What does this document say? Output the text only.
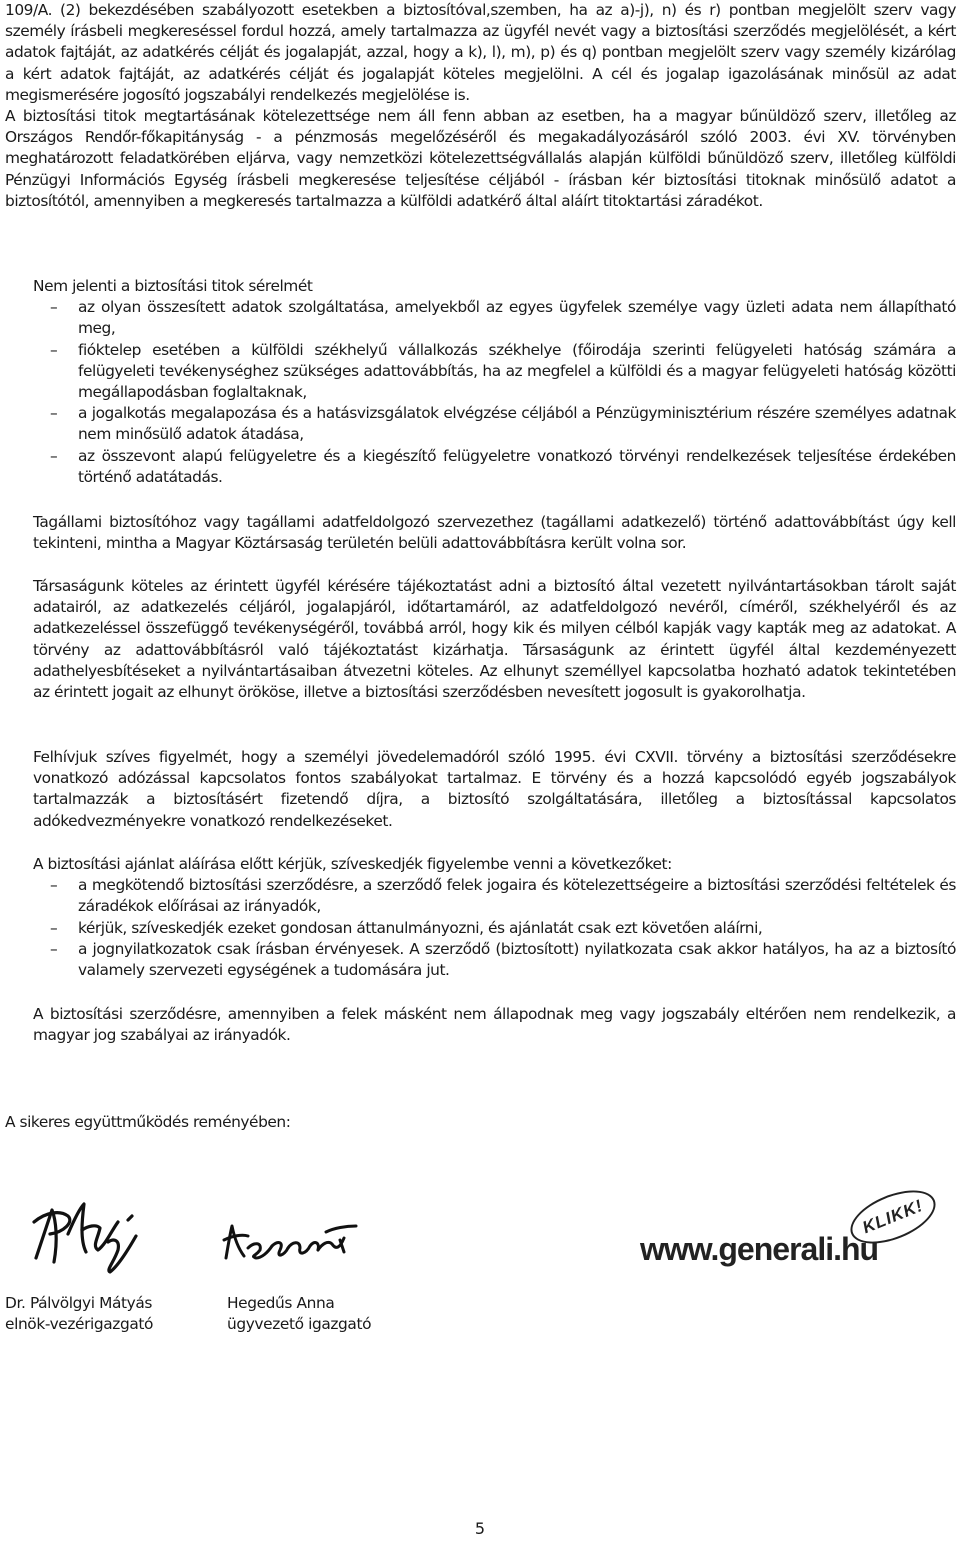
109/A. (2) bekezdésében szabályozott esetekben a biztosítóval,szemben, ha az a)-j), n) és r) pontban megjelölt szerv vagy személy írásbeli megkereséssel fordul hozzá, amely tartalmazza az ügyfél nevét vagy a biztosítási szerződés megjelölését, a kért adatok fajtáját, az adatkérés célját és jogalapját, azzal, hogy a k), l), m), p) és q) pontban megjelölt szerv vagy személy kizárólag a kért adatok fajtáját, az adatkérés célját és jogalapját köteles megjelölni. A cél és jogalap igazolásának minősül az adat megismerésére jogosító jogszabályi rendelkezés megjelölése is.

A biztosítási titok megtartásának kötelezettsége nem áll fenn abban az esetben, ha a magyar bűnüldöző szerv, illetőleg az Országos Rendőr-főkapitányság - a pénzmosás megelőzéséről és megakadályozásáról szóló 2003. évi XV. törvényben meghatározott feladatkörében eljárva, vagy nemzetközi kötelezettségvállalás alapján külföldi bűnüldöző szerv, illetőleg külföldi Pénzügyi Információs Egység írásbeli megkeresése teljesítése céljából - írásban kér biztosítási titoknak minősülő adatot a biztosítótól, amennyiben a megkeresés tartalmazza a külföldi adatkérő által aláírt titoktartási záradékot.

Nem jelenti a biztosítási titok sérelmét

– az olyan összesített adatok szolgáltatása, amelyekből az egyes ügyfelek személye vagy üzleti adata nem állapítható meg,

– fióktelep esetében a külföldi székhelyű vállalkozás székhelye (főirodája szerinti felügyeleti hatóság számára a felügyeleti tevékenységhez szükséges adattovábbítás, ha az megfelel a külföldi és a magyar felügyeleti hatóság közötti megállapodásban foglaltaknak,

– a jogalkotás megalapozása és a hatásvizsgálatok elvégzése céljából a Pénzügyminisztérium részére személyes adatnak nem minősülő adatok átadása,

– az összevont alapú felügyeletre és a kiegészítő felügyeletre vonatkozó törvényi rendelkezések teljesítése érdekében történő adatátadás.

Tagállami biztosítóhoz vagy tagállami adatfeldolgozó szervezethez (tagállami adatkezelő) történő adattovábbítást úgy kell tekinteni, mintha a Magyar Köztársaság területén belüli adattovábbításra került volna sor.

Társaságunk köteles az érintett ügyfél kérésére tájékoztatást adni a biztosító által vezetett nyilvántartásokban tárolt saját adatairól, az adatkezelés céljáról, jogalapjáról, időtartamáról, az adatfeldolgozó nevéről, címéről, székhelyéről és az adatkezeléssel összefüggő tevékenységéről, továbbá arról, hogy kik és milyen célból kapják vagy kapták meg az adatokat. A törvény az adattovábbításról való tájékoztatást kizárhatja. Társaságunk az érintett ügyfél által kezdeményezett adathelyesbítéseket a nyilvántartásaiban átvezetni köteles. Az elhunyt személlyel kapcsolatba hozható adatok tekintetében az érintett jogait az elhunyt örököse, illetve a biztosítási szerződésben nevesített jogosult is gyakorolhatja.

Felhívjuk szíves figyelmét, hogy a személyi jövedelemadóról szóló 1995. évi CXVII. törvény a biztosítási szerződésekre vonatkozó adózással kapcsolatos fontos szabályokat tartalmaz. E törvény és a hozzá kapcsolódó egyéb jogszabályok tartalmazzák a biztosításért fizetendő díjra, a biztosító szolgáltatására, illetőleg a biztosítással kapcsolatos adókedvezményekre vonatkozó rendelkezéseket.

A biztosítási ajánlat aláírása előtt kérjük, szíveskedjék figyelembe venni a következőket:

– a megkötendő biztosítási szerződésre, a szerződő felek jogaira és kötelezettségeire a biztosítási szerződési feltételek és záradékok előírásai az irányadók,

– kérjük, szíveskedjék ezeket gondosan áttanulmányozni, és ajánlatát csak ezt követően aláírni,

– a jognyilatkozatok csak írásban érvényesek. A szerződő (biztosított) nyilatkozata csak akkor hatályos, ha az a biztosító valamely szervezeti egységének a tudomására jut.

A biztosítási szerződésre, amennyiben a felek másként nem állapodnak meg vagy jogszabály eltérően nem rendelkezik, a magyar jog szabályai az irányadók.

A sikeres együttműködés reményében:

www.generali.hu
KLIKK!
Dr. Pálvölgyi Mátyás
elnök-vezérigazgató
Hegedűs Anna
ügyvezető igazgató
5
